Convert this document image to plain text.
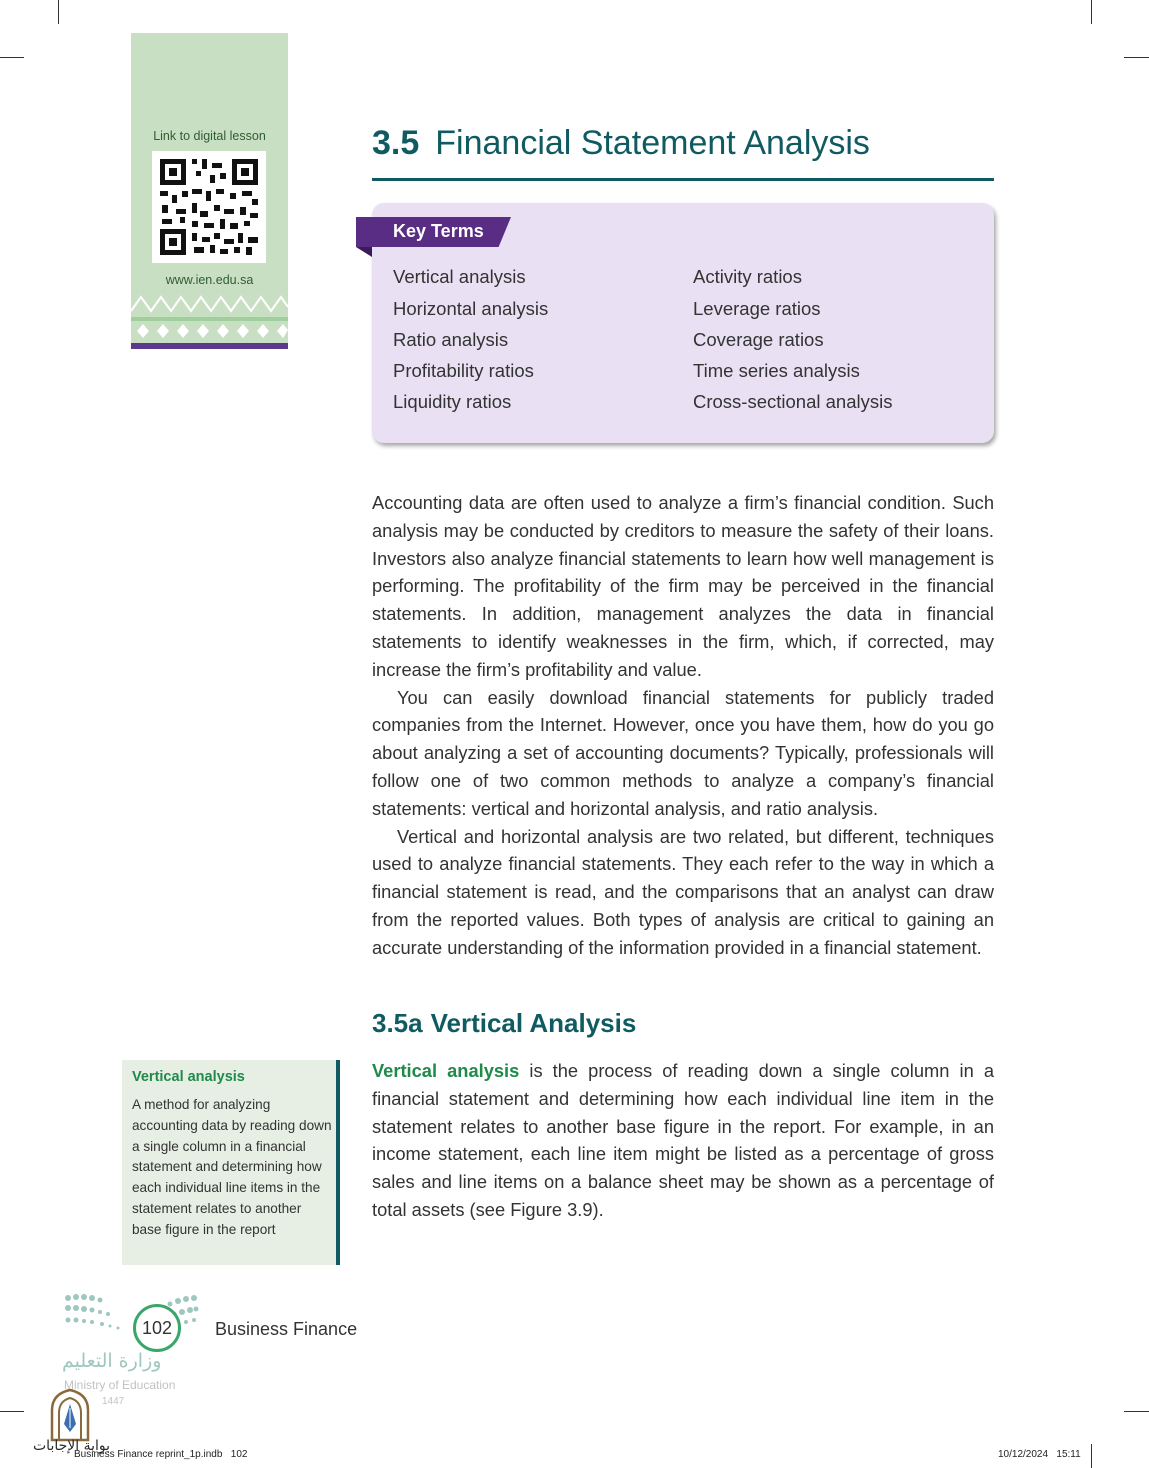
Link to digital lesson
www.ien.edu.sa
3.5 Financial Statement Analysis
Key Terms
Vertical analysis
Horizontal analysis
Ratio analysis
Profitability ratios
Liquidity ratios
Activity ratios
Leverage ratios
Coverage ratios
Time series analysis
Cross-sectional analysis

Accounting data are often used to analyze a firm’s financial condition. Such analysis may be conducted by creditors to measure the safety of their loans. Investors also analyze financial statements to learn how well management is performing. The profitability of the firm may be perceived in the financial statements. In addition, management analyzes the data in financial statements to identify weaknesses in the firm, which, if corrected, may increase the firm’s profitability and value.

You can easily download financial statements for publicly traded companies from the Internet. However, once you have them, how do you go about analyzing a set of accounting documents? Typically, professionals will follow one of two common methods to analyze a company’s financial statements: vertical and horizontal analysis, and ratio analysis.

Vertical and horizontal analysis are two related, but different, techniques used to analyze financial statements. They each refer to the way in which a financial statement is read, and the comparisons that an analyst can draw from the reported values. Both types of analysis are critical to gaining an accurate understanding of the information provided in a financial statement.

3.5a Vertical Analysis

Vertical analysis is the process of reading down a single column in a financial statement and determining how each individual line item in the statement relates to another base figure in the report. For example, in an income statement, each line item might be listed as a percentage of gross sales and line items on a balance sheet may be shown as a percentage of total assets (see Figure 3.9).

Vertical analysis
A method for analyzing accounting data by reading down a single column in a financial statement and determining how each individual line items in the statement relates to another base figure in the report
102	Business Finance
وزارة التعليم
Ministry of Education
1447
بوابة الإجابات
Business Finance reprint_1p.indb   102	10/12/2024   15:11
